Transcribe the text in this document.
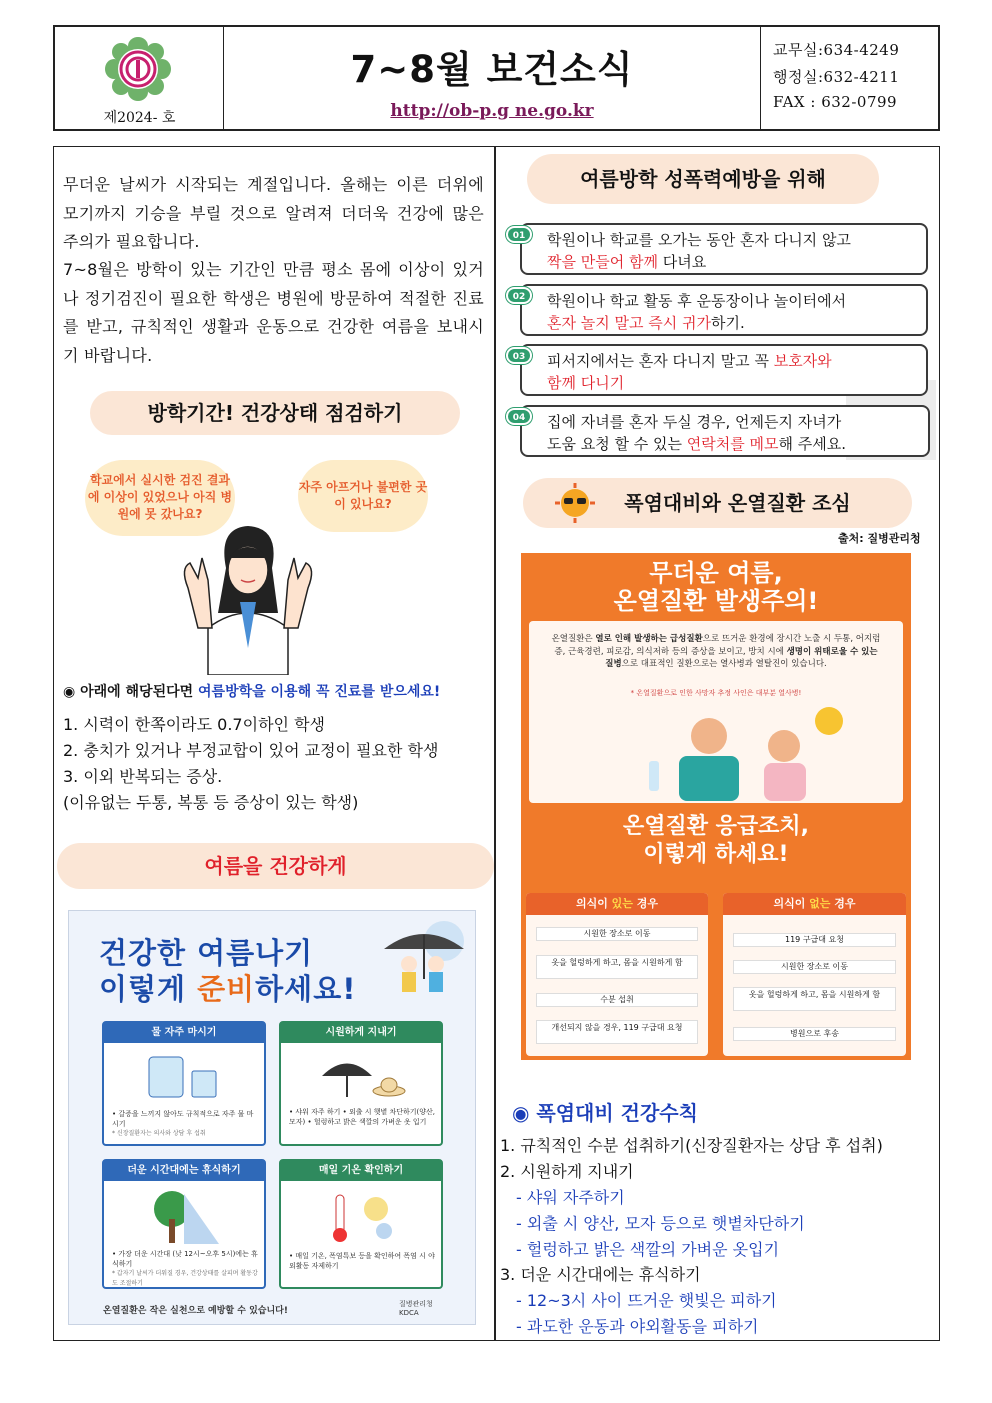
제2024- 호
7~8월 보건소식
http://ob-p.g ne.go.kr
교무실:634-4249
행정실:632-4211
FAX : 632-0799
무더운 날씨가 시작되는 계절입니다. 올해는 이른 더위에 모기까지 기승을 부릴 것으로 알려져 더더욱 건강에 많은 주의가 필요합니다.
7~8월은 방학이 있는 기간인 만큼 평소 몸에 이상이 있거나 정기검진이 필요한 학생은 병원에 방문하여 적절한 진료를 받고, 규칙적인 생활과 운동으로 건강한 여름을 보내시기 바랍니다.
방학기간! 건강상태 점검하기
학교에서 실시한 검진 결과에 이상이 있었으나 아직 병원에 못 갔나요?
자주 아프거나 불편한 곳이 있나요?
◉ 아래에 해당된다면 여름방학을 이용해 꼭 진료를 받으세요!
1. 시력이 한쪽이라도 0.7이하인 학생
2. 충치가 있거나 부정교합이 있어 교정이 필요한 학생
3. 이외 반복되는 증상.
(이유없는 두통, 복통 등 증상이 있는 학생)
여름을 건강하게
건강한 여름나기
이렇게 준비하세요!
물 자주 마시기
• 갈증을 느끼지 않아도 규칙적으로 자주 물 마시기
* 신장질환자는 의사와 상담 후 섭취
시원하게 지내기
• 샤워 자주 하기 • 외출 시 햇볕 차단하기(양산, 모자) • 헐렁하고 밝은 색깔의 가벼운 옷 입기
더운 시간대에는 휴식하기
• 가장 더운 시간대 (낮 12시~오후 5시)에는 휴식하기
* 갑자기 날씨가 더워질 경우, 건강상태를 살피며 활동강도 조절하기
매일 기온 확인하기
• 매일 기온, 폭염특보 등을 확인하여 폭염 시 야외활동 자제하기
온열질환은 작은 실천으로 예방할 수 있습니다!
질병관리청
KDCA
여름방학 성폭력예방을 위해
학원이나 학교를 오가는 동안 혼자 다니지 않고
짝을 만들어 함께 다녀요
01
학원이나 학교 활동 후 운동장이나 놀이터에서
혼자 놀지 말고 즉시 귀가하기.
02
피서지에서는 혼자 다니지 말고 꼭 보호자와
함께 다니기
03
집에 자녀를 혼자 두실 경우, 언제든지 자녀가
도움 요청 할 수 있는 연락처를 메모해 주세요.
04
폭염대비와 온열질환 조심
출처: 질병관리청
무더운 여름,
온열질환 발생주의!
온열질환은 열로 인해 발생하는 급성질환으로 뜨거운 환경에 장시간 노출 시 두통, 어지럼증, 근육경련, 피로감, 의식저하 등의 증상을 보이고, 방치 시에 생명이 위태로울 수 있는 질병으로 대표적인 질환으로는 열사병과 열탈진이 있습니다.
* 온열질환으로 인한 사망자 추정 사인은 대부분 열사병!
온열질환 응급조치,
이렇게 하세요!
의식이 있는 경우
시원한 장소로 이동
옷을 헐렁하게 하고, 몸을 시원하게 함
수분 섭취
개선되지 않을 경우, 119 구급대 요청
의식이 없는 경우
119 구급대 요청
시원한 장소로 이동
옷을 헐렁하게 하고, 몸을 시원하게 함
병원으로 후송
◉ 폭염대비 건강수칙
1. 규칙적인 수분 섭취하기(신장질환자는 상담 후 섭취)
2. 시원하게 지내기
- 샤워 자주하기
- 외출 시 양산, 모자 등으로 햇볕차단하기
- 헐렁하고 밝은 색깔의 가벼운 옷입기
3. 더운 시간대에는 휴식하기
- 12~3시 사이 뜨거운 햇빛은 피하기
- 과도한 운동과 야외활동을 피하기
